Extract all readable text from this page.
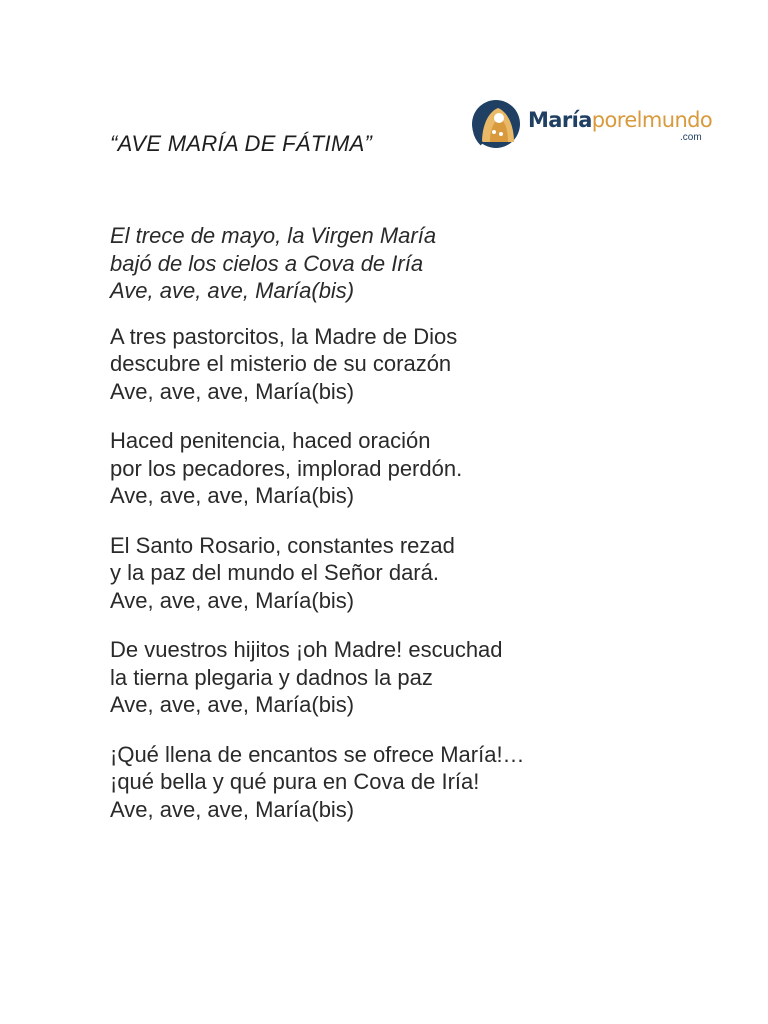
“AVE MARÍA DE FÁTIMA”
Maríaporelmundo
.com
El trece de mayo, la Virgen María
bajó de los cielos a Cova de Iría
Ave, ave, ave, María(bis)
A tres pastorcitos, la Madre de Dios
descubre el misterio de su corazón
Ave, ave, ave, María(bis)
Haced penitencia, haced oración
por los pecadores, implorad perdón.
Ave, ave, ave, María(bis)
El Santo Rosario, constantes rezad
y la paz del mundo el Señor dará.
Ave, ave, ave, María(bis)
De vuestros hijitos ¡oh Madre! escuchad
la tierna plegaria y dadnos la paz
Ave, ave, ave, María(bis)
¡Qué llena de encantos se ofrece María!…
¡qué bella y qué pura en Cova de Iría!
Ave, ave, ave, María(bis)
